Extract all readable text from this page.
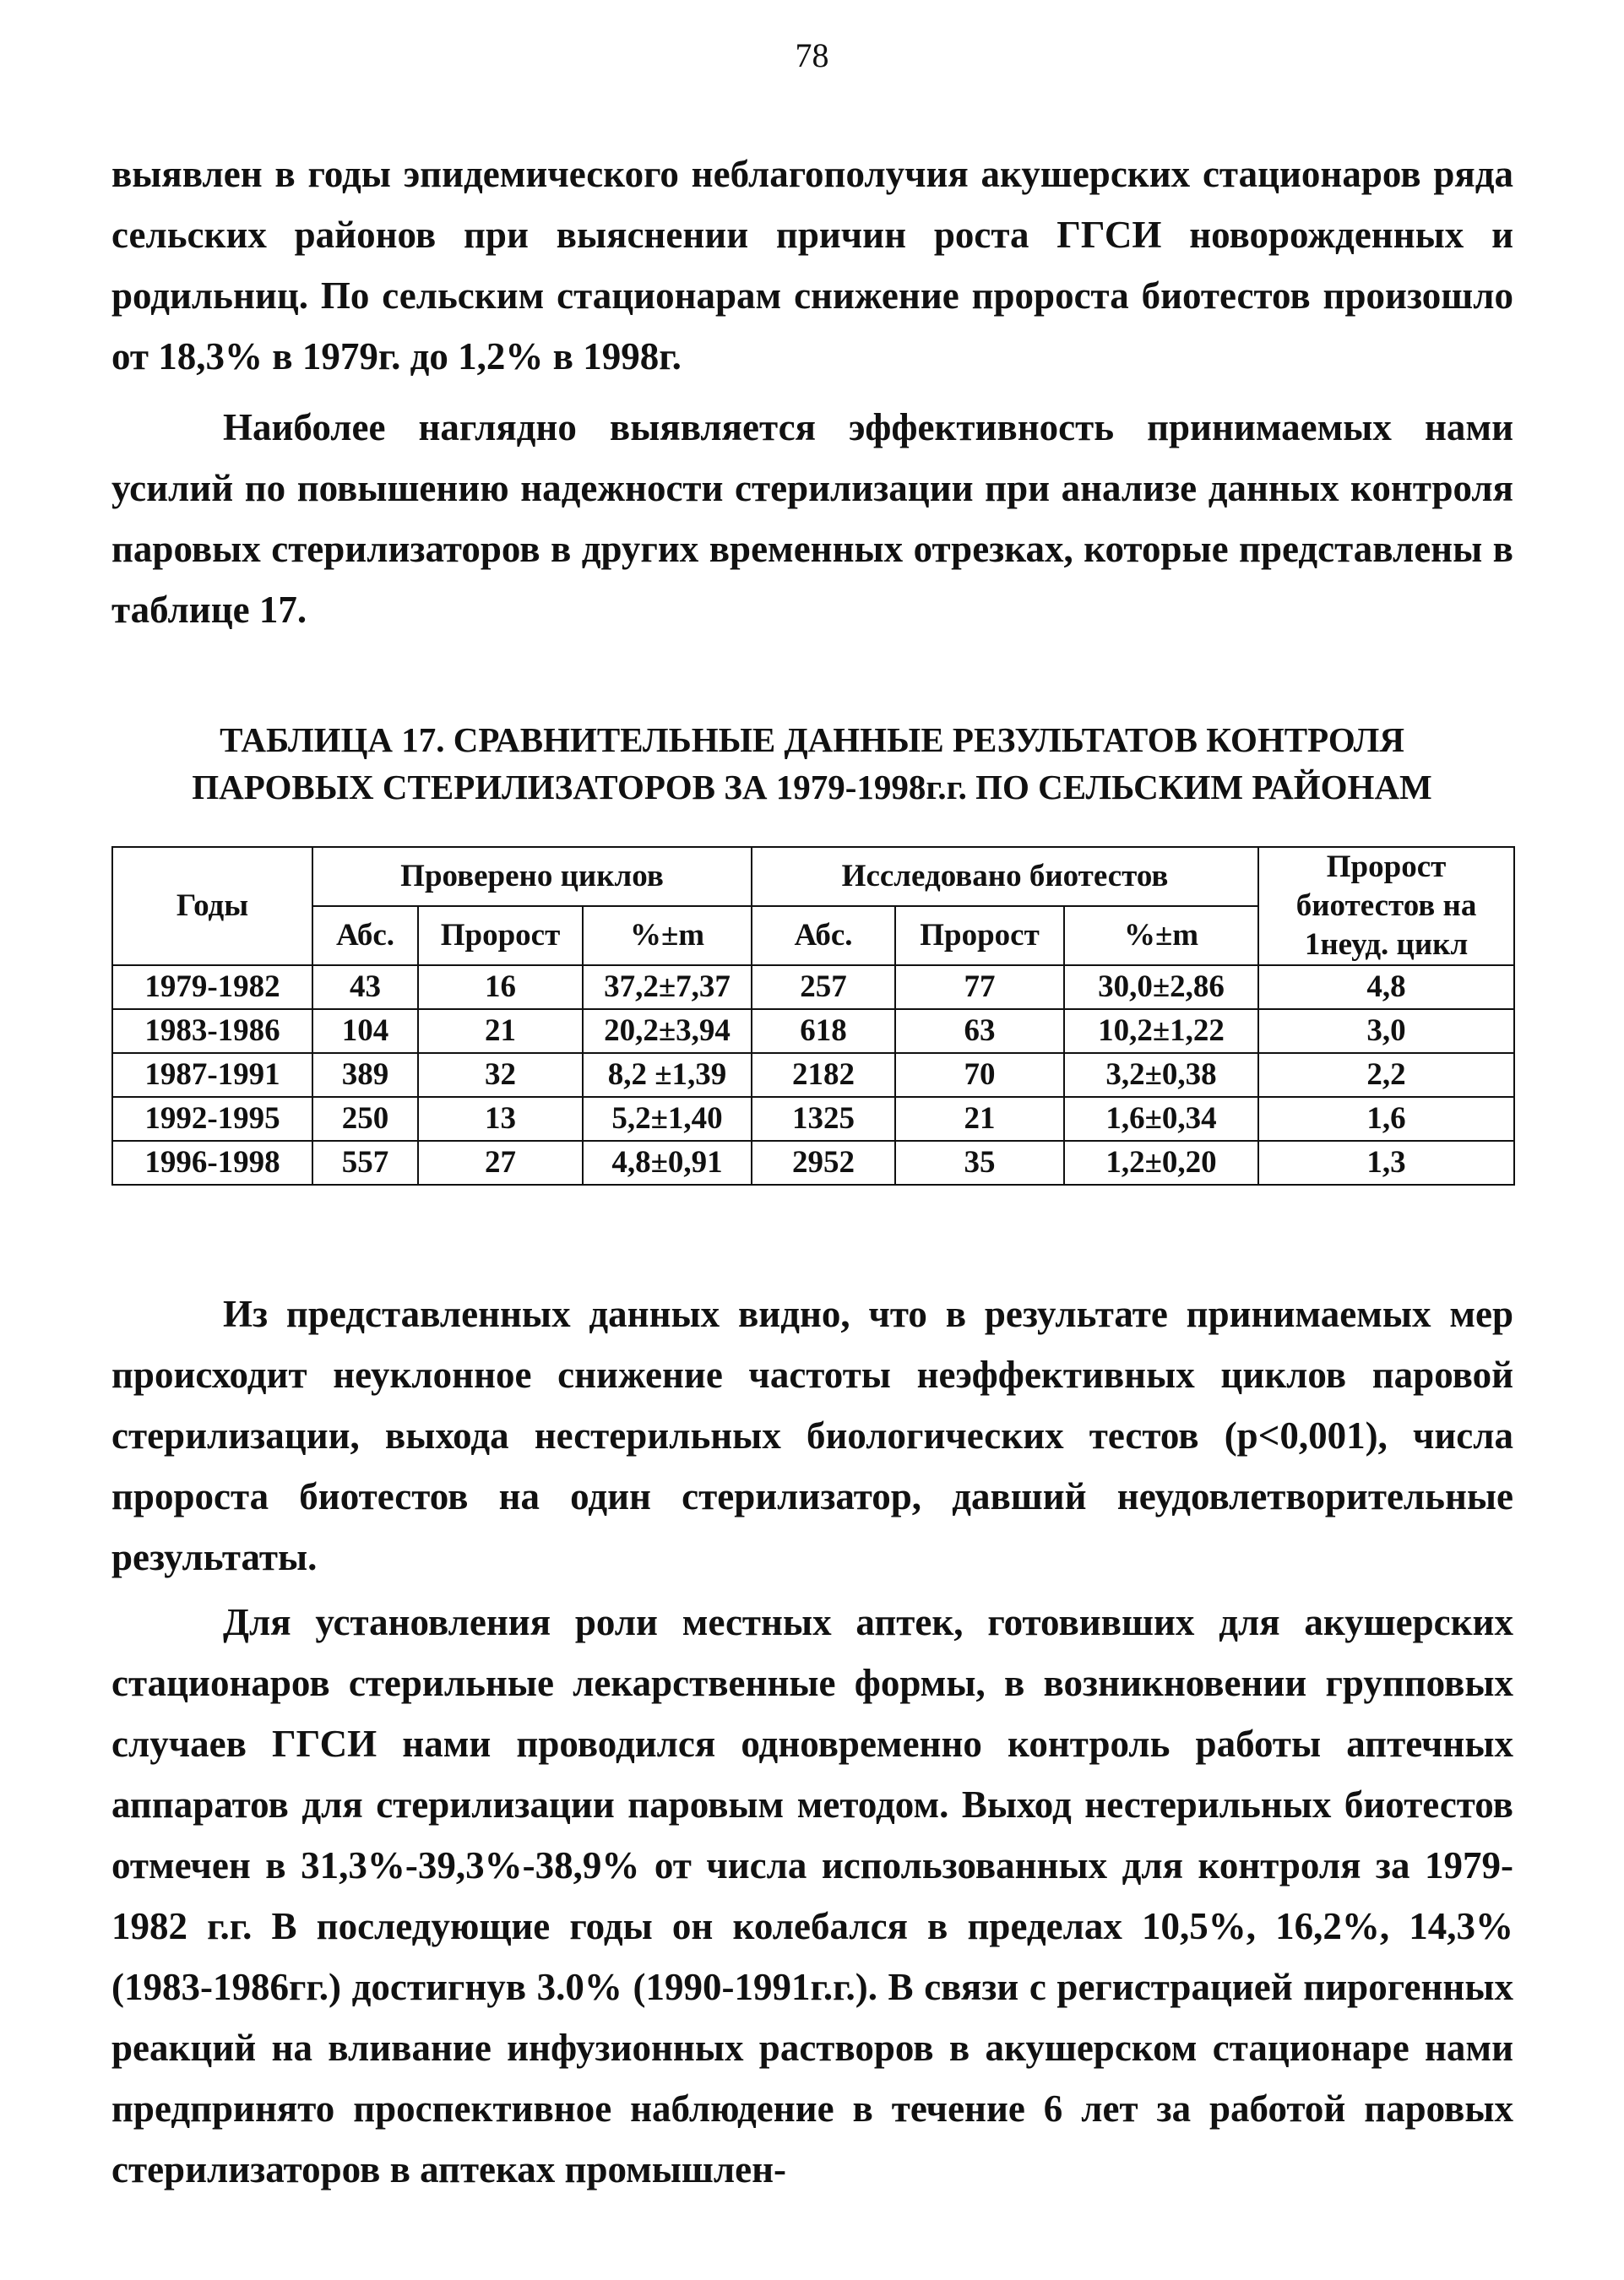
78

выявлен в годы эпидемического неблагополучия акушерских стационаров ряда сельских районов при выяснении причин роста ГГСИ новорожденных и родильниц. По сельским стационарам снижение пророста биотестов произошло от 18,3% в 1979г. до 1,2% в 1998г.

Наиболее наглядно выявляется эффективность принимаемых нами усилий по повышению надежности стерилизации при анализе данных контроля паровых стерилизаторов в других временных отрезках, которые представлены в таблице 17.

ТАБЛИЦА 17. СРАВНИТЕЛЬНЫЕ ДАННЫЕ РЕЗУЛЬТАТОВ КОНТРОЛЯ
ПАРОВЫХ СТЕРИЛИЗАТОРОВ ЗА 1979-1998г.г. ПО СЕЛЬСКИМ РАЙОНАМ
Годы	Проверено циклов			Исследовано биотестов			Пророст биотестов на 1неуд. цикл
	Абс.	Пророст	%±m	Абс.	Пророст	%±m	
1979-1982	43	16	37,2±7,37	257	77	30,0±2,86	4,8
1983-1986	104	21	20,2±3,94	618	63	10,2±1,22	3,0
1987-1991	389	32	8,2 ±1,39	2182	70	3,2±0,38	2,2
1992-1995	250	13	5,2±1,40	1325	21	1,6±0,34	1,6
1996-1998	557	27	4,8±0,91	2952	35	1,2±0,20	1,3

Из представленных данных видно, что в результате принимаемых мер происходит неуклонное снижение частоты неэффективных циклов паровой стерилизации, выхода нестерильных биологических тестов (p<0,001), числа пророста биотестов на один стерилизатор, давший неудовлетворительные результаты.

Для установления роли местных аптек, готовивших для акушерских стационаров стерильные лекарственные формы, в возникновении групповых случаев ГГСИ нами проводился одновременно контроль работы аптечных аппаратов для стерилизации паровым методом. Выход нестерильных биотестов отмечен в 31,3%-39,3%-38,9% от числа использованных для контроля за 1979-1982 г.г. В последующие годы он колебался в пределах 10,5%, 16,2%, 14,3% (1983-1986гг.) достигнув 3.0% (1990-1991г.г.). В связи с регистрацией пирогенных реакций на вливание инфузионных растворов в акушерском стационаре нами предпринято проспективное наблюдение в течение 6 лет за работой паровых стерилизаторов в аптеках промышлен-
